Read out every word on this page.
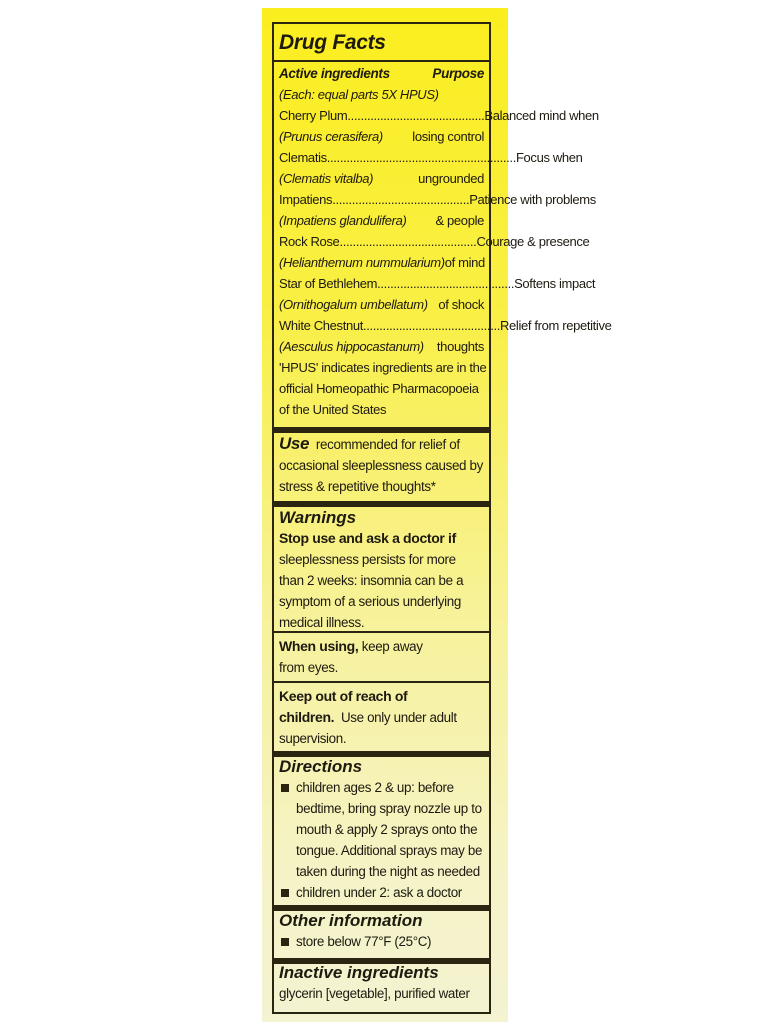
Drug Facts
Active ingredients	Purpose
(Each: equal parts 5X HPUS)
Cherry Plum .......................................... Balanced mind when
(Prunus cerasifera) losing control
Clematis .......................................................... Focus when
(Clematis vitalba)	ungrounded
Impatiens .......................................... Patience with problems
(Impatiens glandulifera) & people
Rock Rose .......................................... Courage & presence
(Helianthemum nummularium) of mind
Star of Bethlehem .......................................... Softens impact
(Ornithogalum umbellatum) of shock
White Chestnut .......................................... Relief from repetitive
(Aesculus hippocastanum) thoughts
'HPUS' indicates ingredients are in the
official Homeopathic Pharmacopoeia
of the United States
Use recommended for relief of
occasional sleeplessness caused by
stress & repetitive thoughts*
Warnings
Stop use and ask a doctor if
sleeplessness persists for more
than 2 weeks: insomnia can be a
symptom of a serious underlying
medical illness.
When using, keep away
from eyes.
Keep out of reach of
children. Use only under adult
supervision.
Directions
children ages 2 & up: before
bedtime, bring spray nozzle up to
mouth & apply 2 sprays onto the
tongue. Additional sprays may be
taken during the night as needed
children under 2: ask a doctor
Other information
store below 77°F (25°C)
Inactive ingredients
glycerin [vegetable], purified water
